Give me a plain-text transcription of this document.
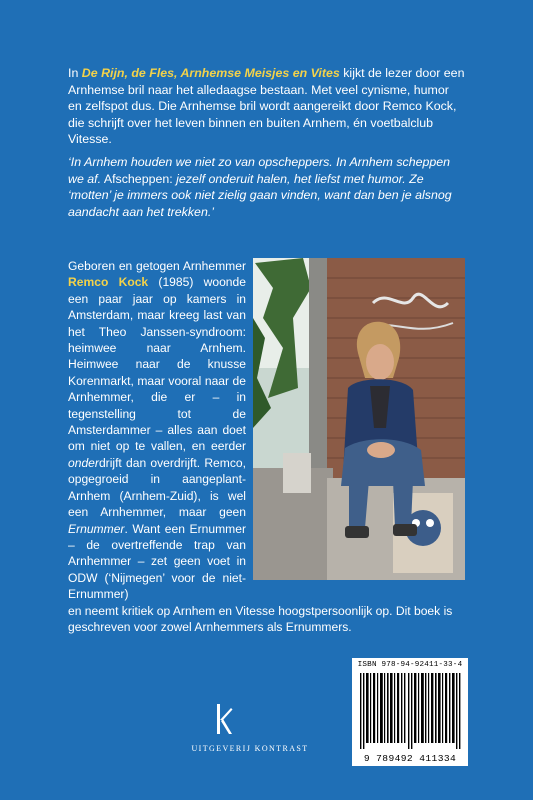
In De Rijn, de Fles, Arnhemse Meisjes en Vites kijkt de lezer door een Arnhemse bril naar het alledaagse bestaan. Met veel cynisme, humor en zelfspot dus. Die Arnhemse bril wordt aangereikt door Remco Kock, die schrijft over het leven binnen en buiten Arnhem, én voetbalclub Vitesse.

‘In Arnhem houden we niet zo van opscheppers. In Arnhem scheppen we af. Afscheppen: jezelf onderuit halen, het liefst met humor. Ze ‘motten’ je immers ook niet zielig gaan vinden, want dan ben je alsnog aandacht aan het trekken.’

Geboren en getogen Arnhemmer Remco Kock (1985) woonde een paar jaar op kamers in Amsterdam, maar kreeg last van het Theo Janssen-syndroom: heimwee naar Arnhem. Heimwee naar de knusse Korenmarkt, maar vooral naar de Arnhemmer, die er – in tegenstelling tot de Amsterdammer – alles aan doet om niet op te vallen, en eerder onderdrijft dan overdrijft. Remco, opgegroeid in aangeplant-Arnhem (Arnhem-Zuid), is wel een Arnhemmer, maar geen Ernummer. Want een Ernummer – de overtreffende trap van Arnhemmer – zet geen voet in ODW (‘Nijmegen’ voor de niet-Ernummer)
en neemt kritiek op Arnhem en Vitesse hoogstpersoonlijk op. Dit boek is geschreven voor zowel Arnhemmers als Ernummers.
ISBN 978-94-92411-33-4
9 789492 411334
UITGEVERIJ KONTRAST
